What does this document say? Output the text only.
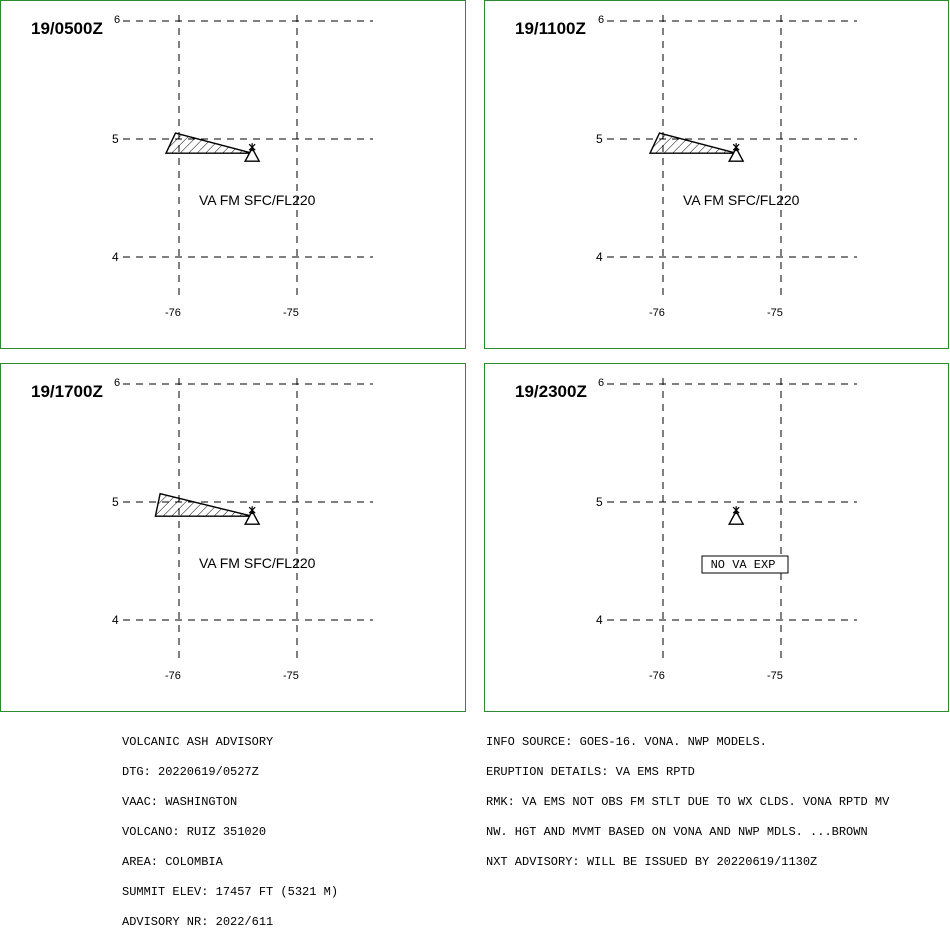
6
5
4
-76	-75
VA FM SFC/FL220
19/0500Z	6
5
4
-76	-75
VA FM SFC/FL220
19/1100Z
6
5
4
-76	-75
VA FM SFC/FL220
19/1700Z	6
5
4
-76	-75
NO VA EXP
19/2300Z

VOLCANIC ASH ADVISORY

DTG: 20220619/0527Z

VAAC: WASHINGTON

VOLCANO: RUIZ 351020

AREA: COLOMBIA

SUMMIT ELEV: 17457 FT (5321 M)

ADVISORY NR: 2022/611

INFO SOURCE: GOES-16. VONA. NWP MODELS.

ERUPTION DETAILS: VA EMS RPTD

RMK: VA EMS NOT OBS FM STLT DUE TO WX CLDS. VONA RPTD MV

NW. HGT AND MVMT BASED ON VONA AND NWP MDLS. ...BROWN

NXT ADVISORY: WILL BE ISSUED BY 20220619/1130Z
